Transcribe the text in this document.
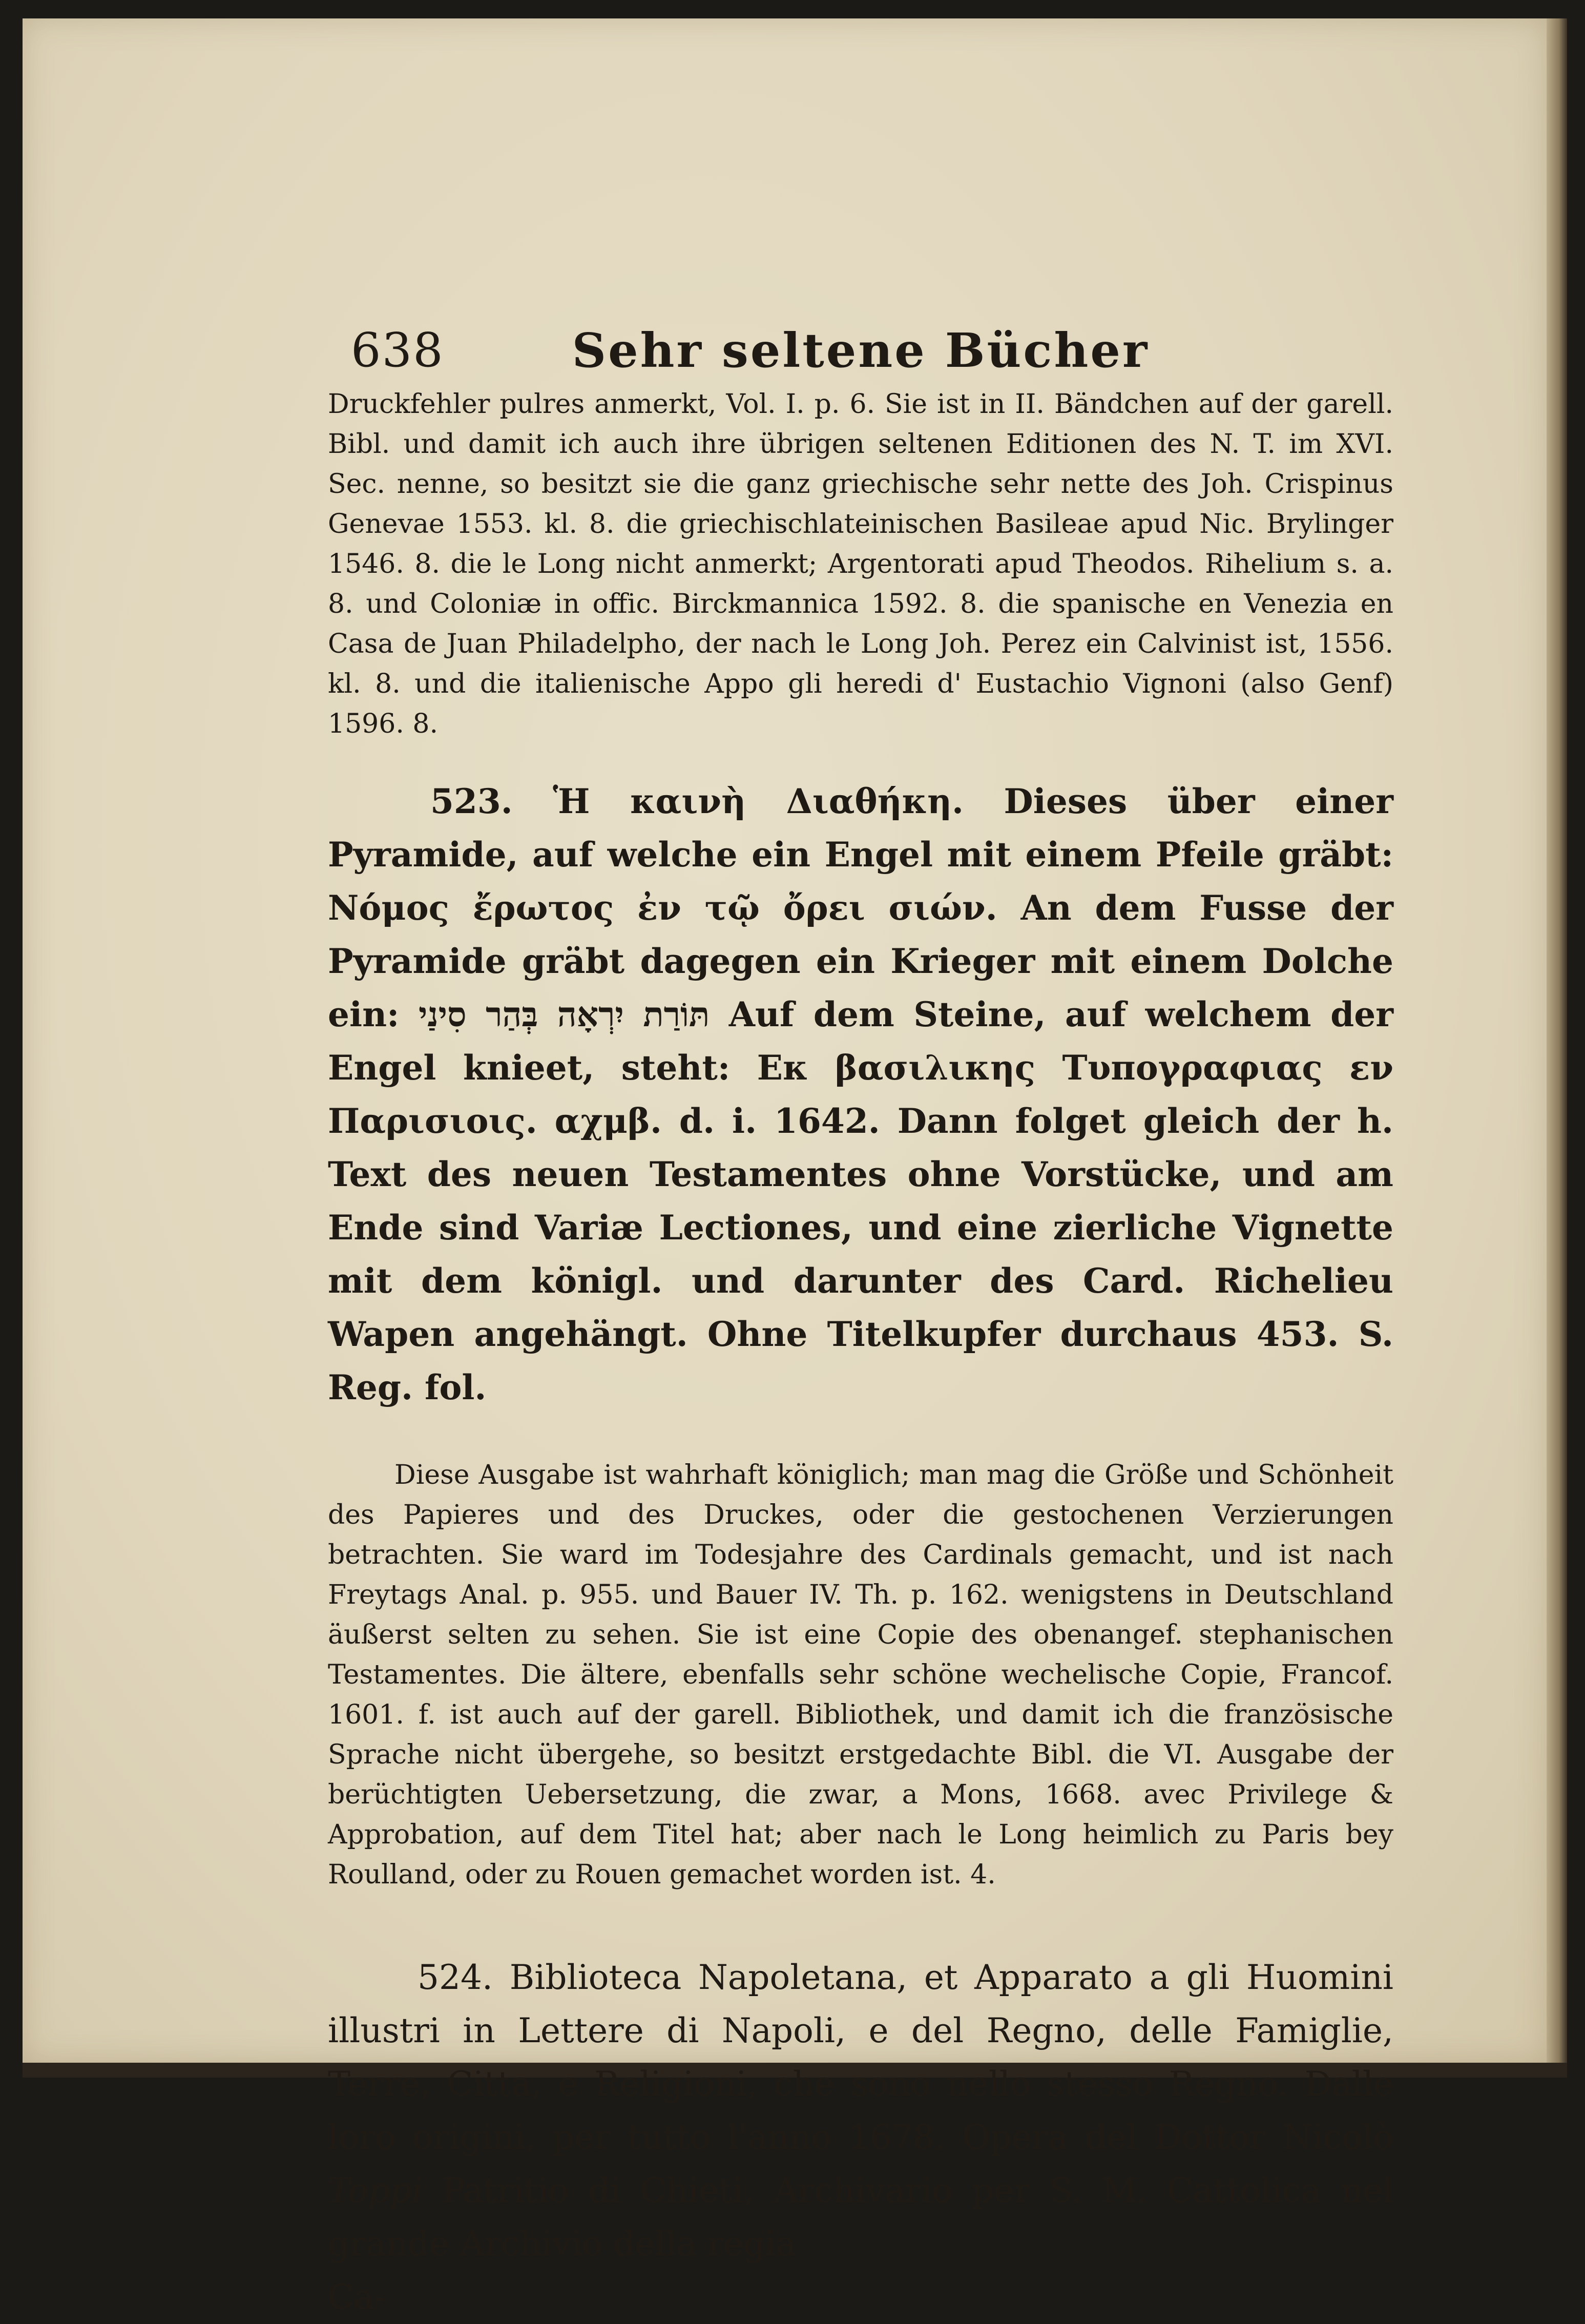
638	Sehr seltene Bücher

Druckfehler pulres anmerkt, Vol. I. p. 6. Sie ist in II. Bändchen auf der garell. Bibl. und damit ich auch ihre übrigen seltenen Editionen des N. T. im XVI. Sec. nenne, so besitzt sie die ganz griechische sehr nette des Joh. Crispinus Genevae 1553. kl. 8. die griechischlateinischen Basileae apud Nic. Brylinger 1546. 8. die le Long nicht anmerkt; Argentorati apud Theodos. Rihelium s. a. 8. und Coloniæ in offic. Birckmannica 1592. 8. die spanische en Venezia en Casa de Juan Philadelpho, der nach le Long Joh. Perez ein Calvinist ist, 1556. kl. 8. und die italienische Appo gli heredi d' Eustachio Vignoni (also Genf) 1596. 8.

523. Ἡ καινὴ Διαθήκη. Dieses über einer Pyramide, auf welche ein Engel mit einem Pfeile gräbt: Νόμος ἔρωτος ἐν τῷ ὄρει σιών. An dem Fusse der Pyramide gräbt dagegen ein Krieger mit einem Dolche ein: תּוֹרַת יִרְאָה בְּהַר סִינַי Auf dem Steine, auf welchem der Engel knieet, steht: Εκ βασιλικης Τυπογραφιας εν Παρισιοις. αχμβ. d. i. 1642. Dann folget gleich der h. Text des neuen Testamentes ohne Vorstücke, und am Ende sind Variæ Lectiones, und eine zierliche Vignette mit dem königl. und darunter des Card. Richelieu Wapen angehängt. Ohne Titelkupfer durchaus 453. S. Reg. fol.

Diese Ausgabe ist wahrhaft königlich; man mag die Größe und Schönheit des Papieres und des Druckes, oder die gestochenen Verzierungen betrachten. Sie ward im Todesjahre des Cardinals gemacht, und ist nach Freytags Anal. p. 955. und Bauer IV. Th. p. 162. wenigstens in Deutschland äußerst selten zu sehen. Sie ist eine Copie des obenangef. stephanischen Testamentes. Die ältere, ebenfalls sehr schöne wechelische Copie, Francof. 1601. f. ist auch auf der garell. Bibliothek, und damit ich die französische Sprache nicht übergehe, so besitzt erstgedachte Bibl. die VI. Ausgabe der berüchtigten Uebersetzung, die zwar, a Mons, 1668. avec Privilege & Approbation, auf dem Titel hat; aber nach le Long heimlich zu Paris bey Roulland, oder zu Rouen gemachet worden ist. 4.

524. Biblioteca Napoletana, et Apparato a gli Huomini illustri in Lettere di Napoli, e del Regno, delle Famiglie, Terre, Citta, e Religioni, che sono nello stesso Regno. Dalle loro origini, per tutto l'anno 1678. Opera del Dottor Nicolò Toppi Patritio di Chieti, Archivario per S. M. Cattolica nel grande Archivio della regia

Ca-
